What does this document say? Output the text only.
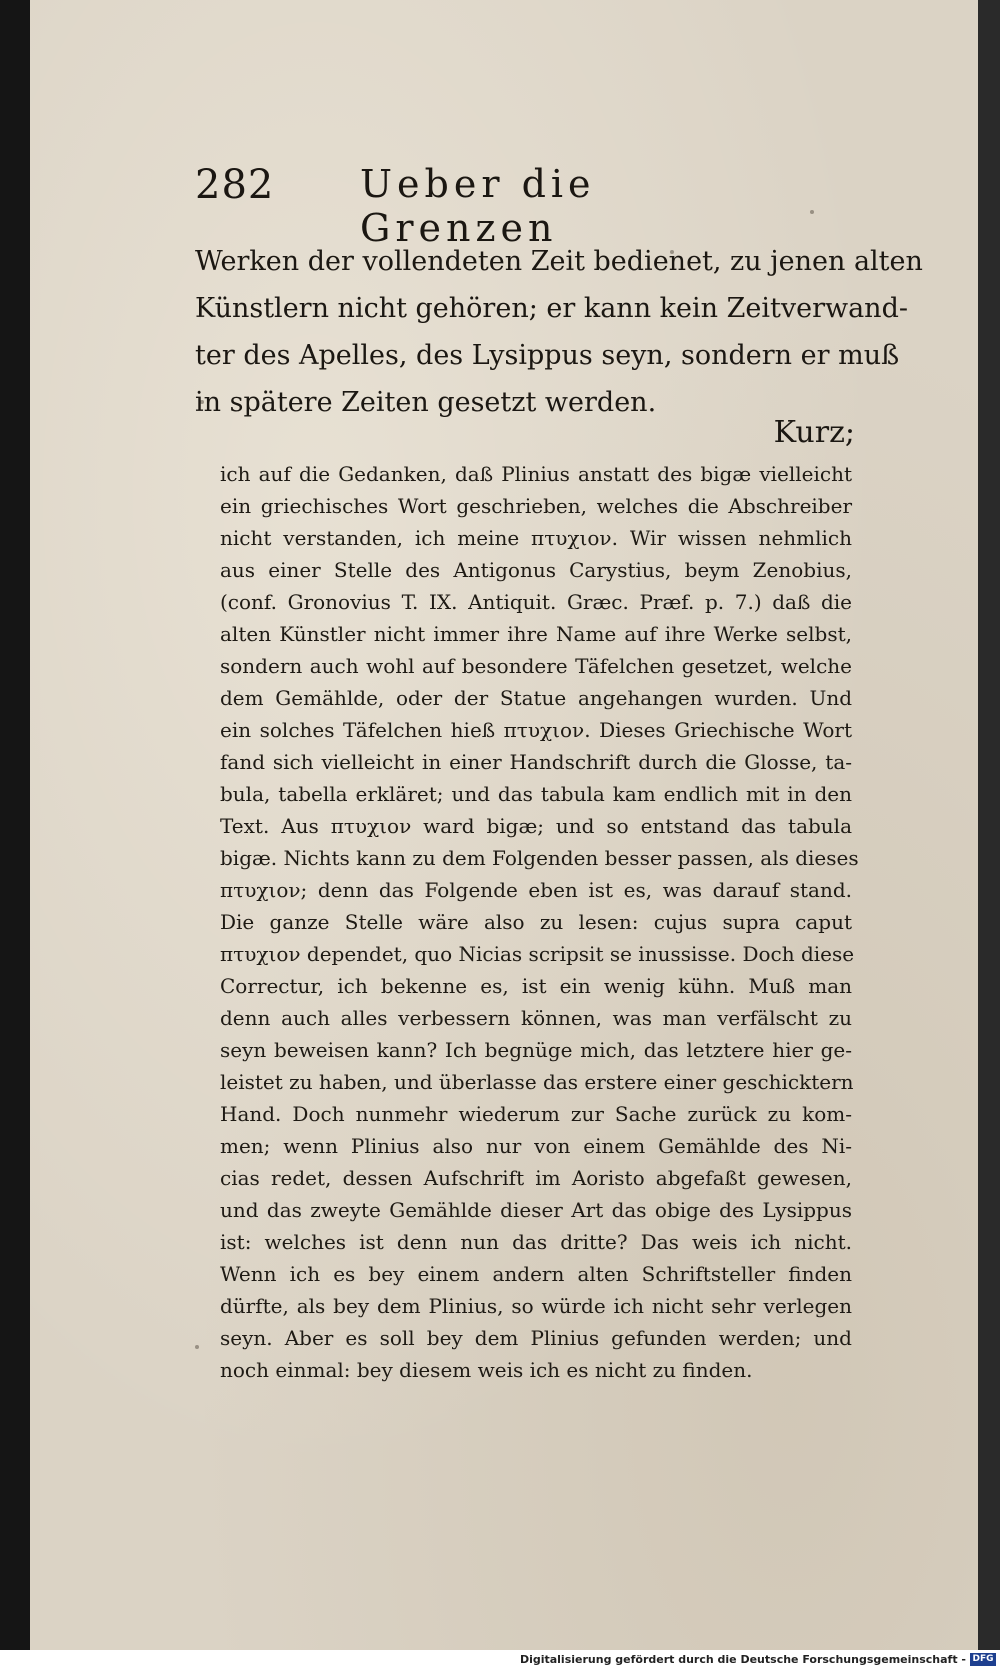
282 Ueber die Grenzen
Werken der vollendeten Zeit bedienet, zu jenen alten
Künstlern nicht gehören; er kann kein Zeitverwand-
ter des Apelles, des Lysippus seyn, sondern er muß
in spätere Zeiten gesetzt werden.
Kurz;
ich auf die Gedanken, daß Plinius anstatt des bigæ vielleicht
ein griechisches Wort geschrieben, welches die Abschreiber
nicht verstanden, ich meine πτυχιον. Wir wissen nehmlich
aus einer Stelle des Antigonus Carystius, beym Zenobius,
(conf. Gronovius T. IX. Antiquit. Græc. Præf. p. 7.) daß die
alten Künstler nicht immer ihre Name auf ihre Werke selbst,
sondern auch wohl auf besondere Täfelchen gesetzet, welche
dem Gemählde, oder der Statue angehangen wurden. Und
ein solches Täfelchen hieß πτυχιον. Dieses Griechische Wort
fand sich vielleicht in einer Handschrift durch die Glosse, ta-
bula, tabella erkläret; und das tabula kam endlich mit in den
Text. Aus πτυχιον ward bigæ; und so entstand das tabula
bigæ. Nichts kann zu dem Folgenden besser passen, als dieses
πτυχιον; denn das Folgende eben ist es, was darauf stand.
Die ganze Stelle wäre also zu lesen: cujus supra caput
πτυχιον dependet, quo Nicias scripsit se inussisse. Doch diese
Correctur, ich bekenne es, ist ein wenig kühn. Muß man
denn auch alles verbessern können, was man verfälscht zu
seyn beweisen kann? Ich begnüge mich, das letztere hier ge-
leistet zu haben, und überlasse das erstere einer geschicktern
Hand. Doch nunmehr wiederum zur Sache zurück zu kom-
men; wenn Plinius also nur von einem Gemählde des Ni-
cias redet, dessen Aufschrift im Aoristo abgefaßt gewesen,
und das zweyte Gemählde dieser Art das obige des Lysippus
ist: welches ist denn nun das dritte? Das weis ich nicht.
Wenn ich es bey einem andern alten Schriftsteller finden
dürfte, als bey dem Plinius, so würde ich nicht sehr verlegen
seyn. Aber es soll bey dem Plinius gefunden werden; und
noch einmal: bey diesem weis ich es nicht zu finden.
Digitalisierung gefördert durch die Deutsche Forschungsgemeinschaft - DFG
